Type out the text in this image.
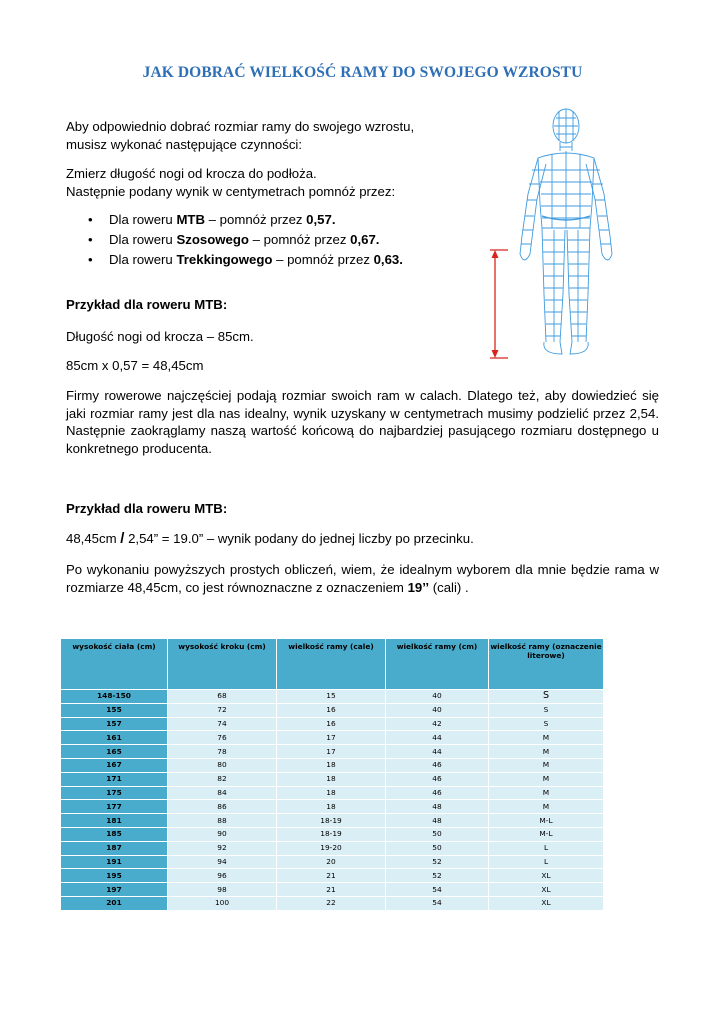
JAK DOBRAĆ WIELKOŚĆ RAMY DO SWOJEGO WZROSTU

Aby odpowiednio dobrać rozmiar ramy do swojego wzrostu,

musisz wykonać następujące czynności:

Zmierz długość nogi od krocza do podłoża.

Następnie podany wynik w centymetrach pomnóż przez:

• Dla roweru MTB – pomnóż przez 0,57.
• Dla roweru Szosowego – pomnóż przez 0,67.
• Dla roweru Trekkingowego – pomnóż przez 0,63.

Przykład dla roweru MTB:

Długość nogi od krocza – 85cm.

85cm x 0,57 = 48,45cm

Firmy rowerowe najczęściej podają rozmiar swoich ram w calach. Dlatego też, aby dowiedzieć się jaki rozmiar ramy jest dla nas idealny, wynik uzyskany w centymetrach musimy podzielić przez 2,54. Następnie zaokrąglamy naszą wartość końcową do najbardziej pasującego rozmiaru dostępnego u konkretnego producenta.

Przykład dla roweru MTB:

48,45cm / 2,54” = 19.0” – wynik podany do jednej liczby po przecinku.

Po wykonaniu powyższych prostych obliczeń, wiem, że idealnym wyborem dla mnie będzie rama w rozmiarze 48,45cm, co jest równoznaczne z oznaczeniem 19’’ (cali) .

wysokość ciała (cm)	wysokość kroku (cm)	wielkość ramy (cale)	wielkość ramy (cm)	wielkość ramy (oznaczenie literowe)
148-150	68	15	40	S
155	72	16	40	S
157	74	16	42	S
161	76	17	44	M
165	78	17	44	M
167	80	18	46	M
171	82	18	46	M
175	84	18	46	M
177	86	18	48	M
181	88	18-19	48	M-L
185	90	18-19	50	M-L
187	92	19-20	50	L
191	94	20	52	L
195	96	21	52	XL
197	98	21	54	XL
201	100	22	54	XL
